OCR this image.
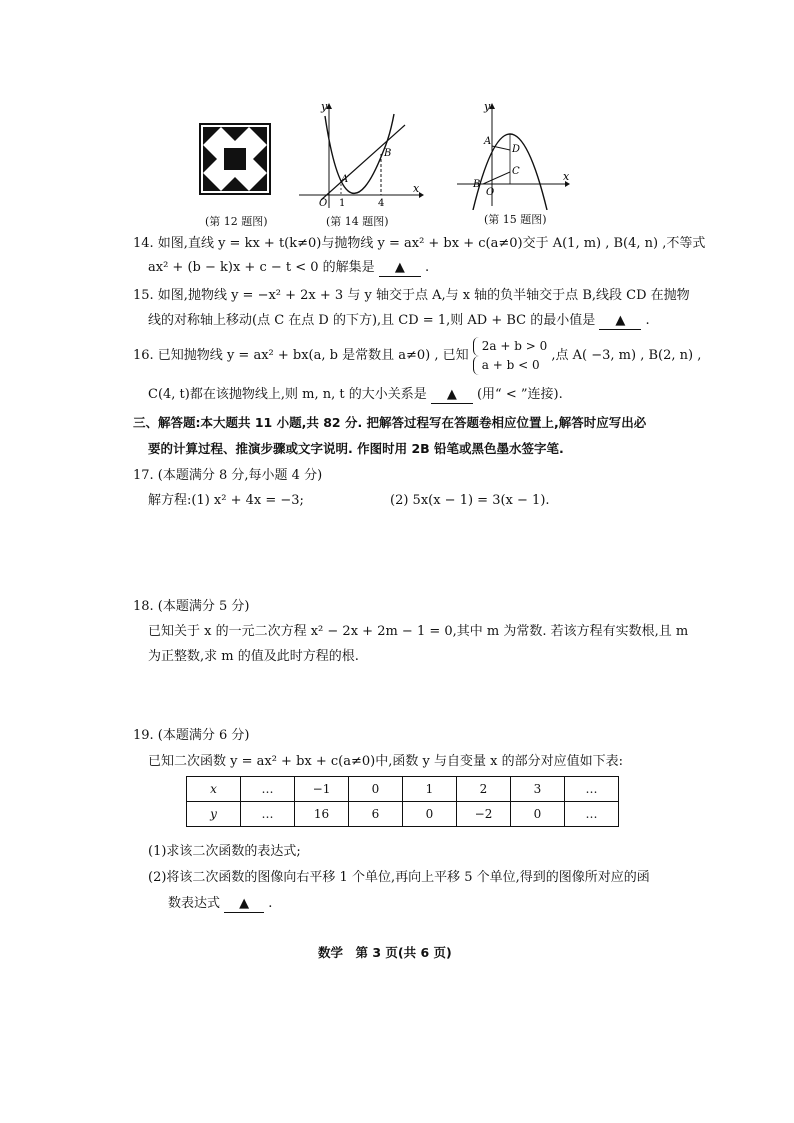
(第 12 题图)
y
x
O
A
B
1	4
(第 14 题图)
y
x
A
D
C
B
O
(第 15 题图)
14. 如图,直线 y = kx + t(k≠0)与抛物线 y = ax² + bx + c(a≠0)交于 A(1, m) , B(4, n) ,不等式
ax² + (b − k)x + c − t < 0 的解集是 ▲ .
15. 如图,抛物线 y = −x² + 2x + 3 与 y 轴交于点 A,与 x 轴的负半轴交于点 B,线段 CD 在抛物
线的对称轴上移动(点 C 在点 D 的下方),且 CD = 1,则 AD + BC 的最小值是 ▲ .
16. 已知抛物线 y = ax² + bx(a, b 是常数且 a≠0) , 已知
2a + b > 0
a + b < 0
,点 A( −3, m) , B(2, n) ,
C(4, t)都在该抛物线上,则 m, n, t 的大小关系是 ▲ (用“ < ”连接).
三、解答题:本大题共 11 小题,共 82 分. 把解答过程写在答题卷相应位置上,解答时应写出必
要的计算过程、推演步骤或文字说明. 作图时用 2B 铅笔或黑色墨水签字笔.
17. (本题满分 8 分,每小题 4 分)
解方程:(1) x² + 4x = −3;	(2) 5x(x − 1) = 3(x − 1).
18. (本题满分 5 分)
已知关于 x 的一元二次方程 x² − 2x + 2m − 1 = 0,其中 m 为常数. 若该方程有实数根,且 m
为正整数,求 m 的值及此时方程的根.
19. (本题满分 6 分)
已知二次函数 y = ax² + bx + c(a≠0)中,函数 y 与自变量 x 的部分对应值如下表:
x	…	−1	0	1	2	3	…
y	…	16	6	0	−2	0	…
(1)求该二次函数的表达式;
(2)将该二次函数的图像向右平移 1 个单位,再向上平移 5 个单位,得到的图像所对应的函
数表达式 ▲ .
数学　第 3 页(共 6 页)
